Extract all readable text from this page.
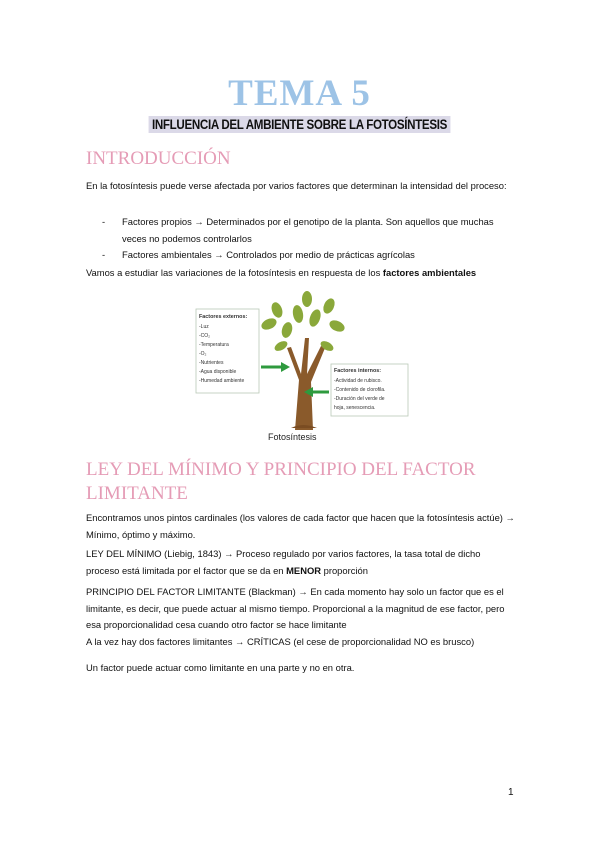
TEMA 5
INFLUENCIA DEL AMBIENTE SOBRE LA FOTOSÍNTESIS
INTRODUCCIÓN

En la fotosíntesis puede verse afectada por varios factores que determinan la intensidad del proceso:

- Factores propios → Determinados por el genotipo de la planta. Son aquellos que muchas veces no podemos controlarlos
- Factores ambientales → Controlados por medio de prácticas agrícolas

Vamos a estudiar las variaciones de la fotosíntesis en respuesta de los factores ambientales

Factores externos:
-Luz
-CO₂
-Temperatura
-O₂
-Nutrientes
-Agua disponible
-Humedad ambiente
Factores internos:
-Actividad de rubisco.
-Contenido de clorofila.
-Duración del verde de
hoja, senescencia.
Fotosíntesis
LEY DEL MÍNIMO Y PRINCIPIO DEL FACTOR
LIMITANTE

Encontramos unos pintos cardinales (los valores de cada factor que hacen que la fotosíntesis actúe) → Mínimo, óptimo y máximo.

LEY DEL MÍNIMO (Liebig, 1843) → Proceso regulado por varios factores, la tasa total de dicho proceso está limitada por el factor que se da en MENOR proporción

PRINCIPIO DEL FACTOR LIMITANTE (Blackman) → En cada momento hay solo un factor que es el limitante, es decir, que puede actuar al mismo tiempo. Proporcional a la magnitud de ese factor, pero esa proporcionalidad cesa cuando otro factor se hace limitante

A la vez hay dos factores limitantes → CRÍTICAS (el cese de proporcionalidad NO es brusco)

Un factor puede actuar como limitante en una parte y no en otra.

1
